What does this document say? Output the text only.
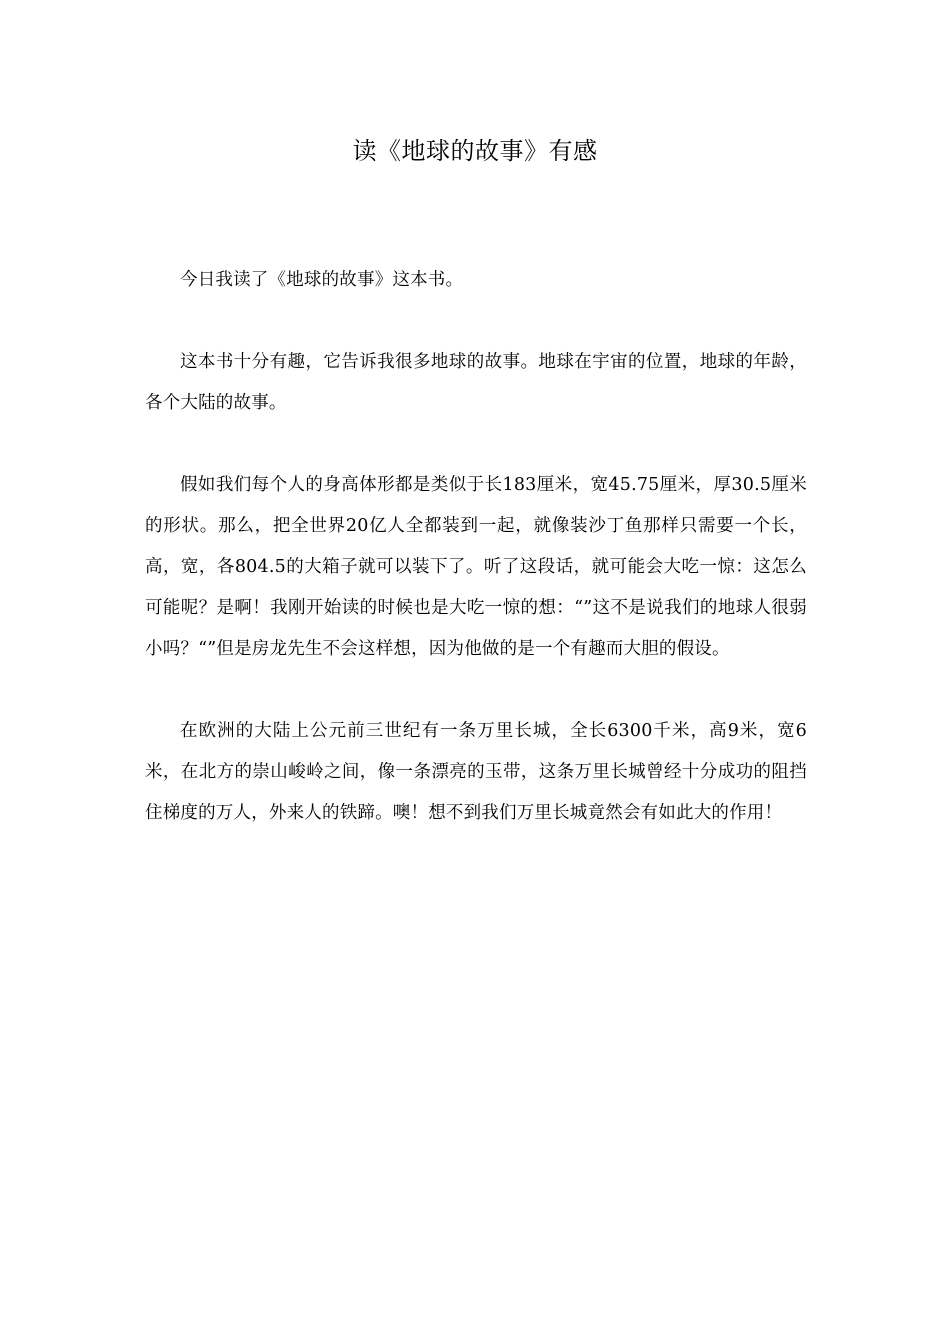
读《地球的故事》有感

今日我读了《地球的故事》这本书。

这本书十分有趣，它告诉我很多地球的故事。地球在宇宙的位置，地球的年龄，各个大陆的故事。

假如我们每个人的身高体形都是类似于长183厘米，宽45.75厘米，厚30.5厘米的形状。那么，把全世界20亿人全都装到一起，就像装沙丁鱼那样只需要一个长，高，宽，各804.5的大箱子就可以装下了。听了这段话，就可能会大吃一惊：这怎么可能呢？是啊！我刚开始读的时候也是大吃一惊的想：“”这不是说我们的地球人很弱小吗？“”但是房龙先生不会这样想，因为他做的是一个有趣而大胆的假设。

在欧洲的大陆上公元前三世纪有一条万里长城，全长6300千米，高9米，宽6米，在北方的崇山峻岭之间，像一条漂亮的玉带，这条万里长城曾经十分成功的阻挡住梯度的万人，外来人的铁蹄。噢！想不到我们万里长城竟然会有如此大的作用！
